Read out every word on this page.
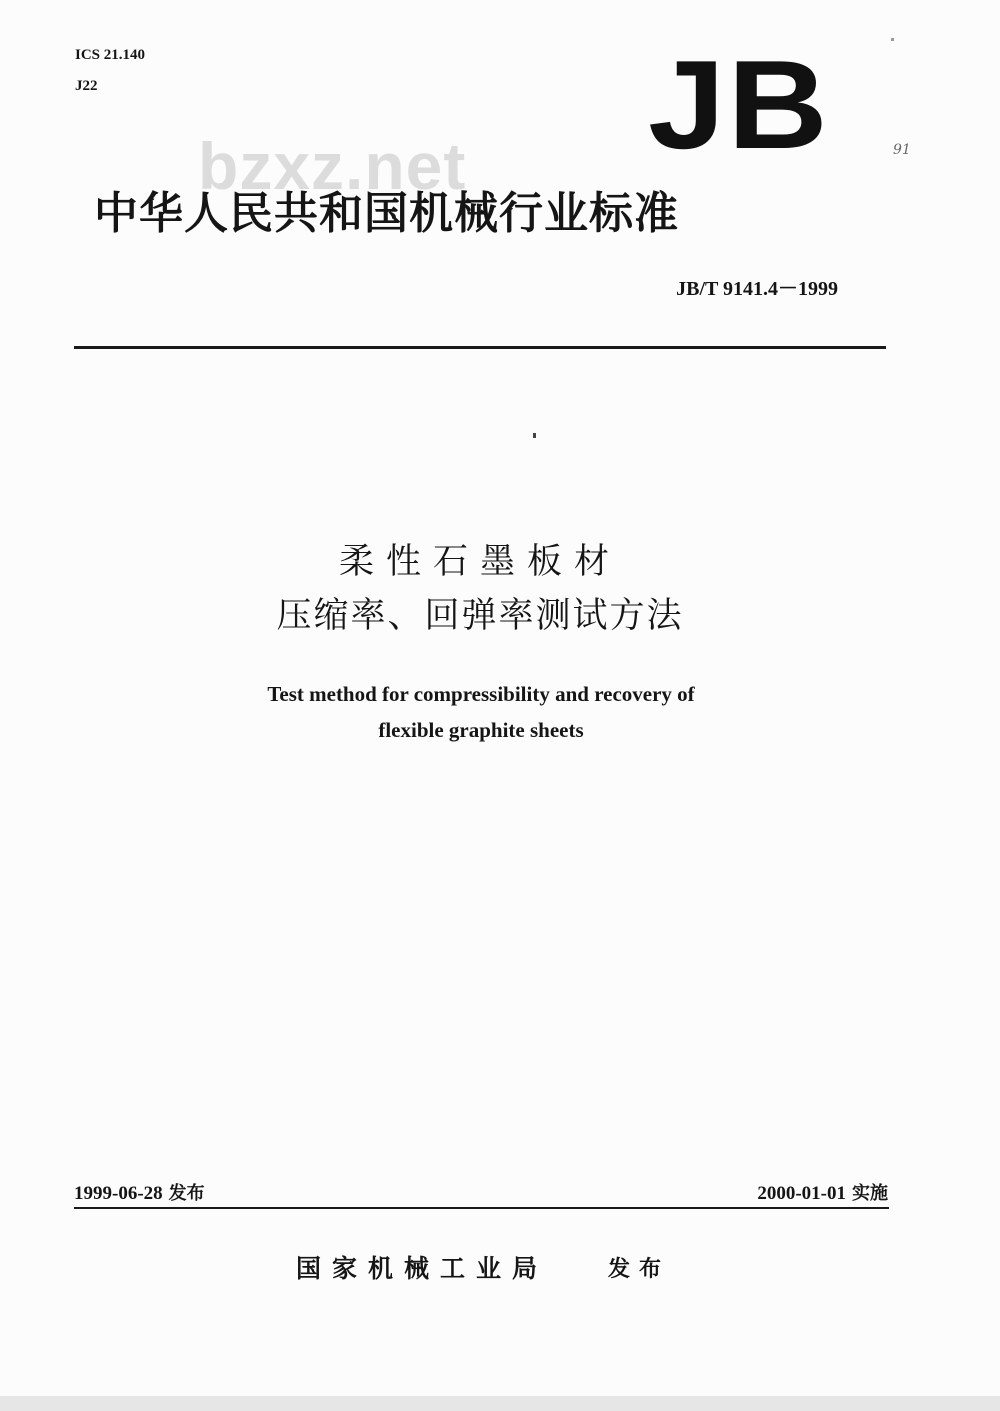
ICS 21.140
J22	JB
bzxz.net
中华人民共和国机械行业标准
JB/T 9141.4－1999
91
柔性石墨板材
压缩率、回弹率测试方法
Test method for compressibility and recovery of
flexible graphite sheets
1999-06-28 发布	2000-01-01 实施
国家机械工业局	发布
